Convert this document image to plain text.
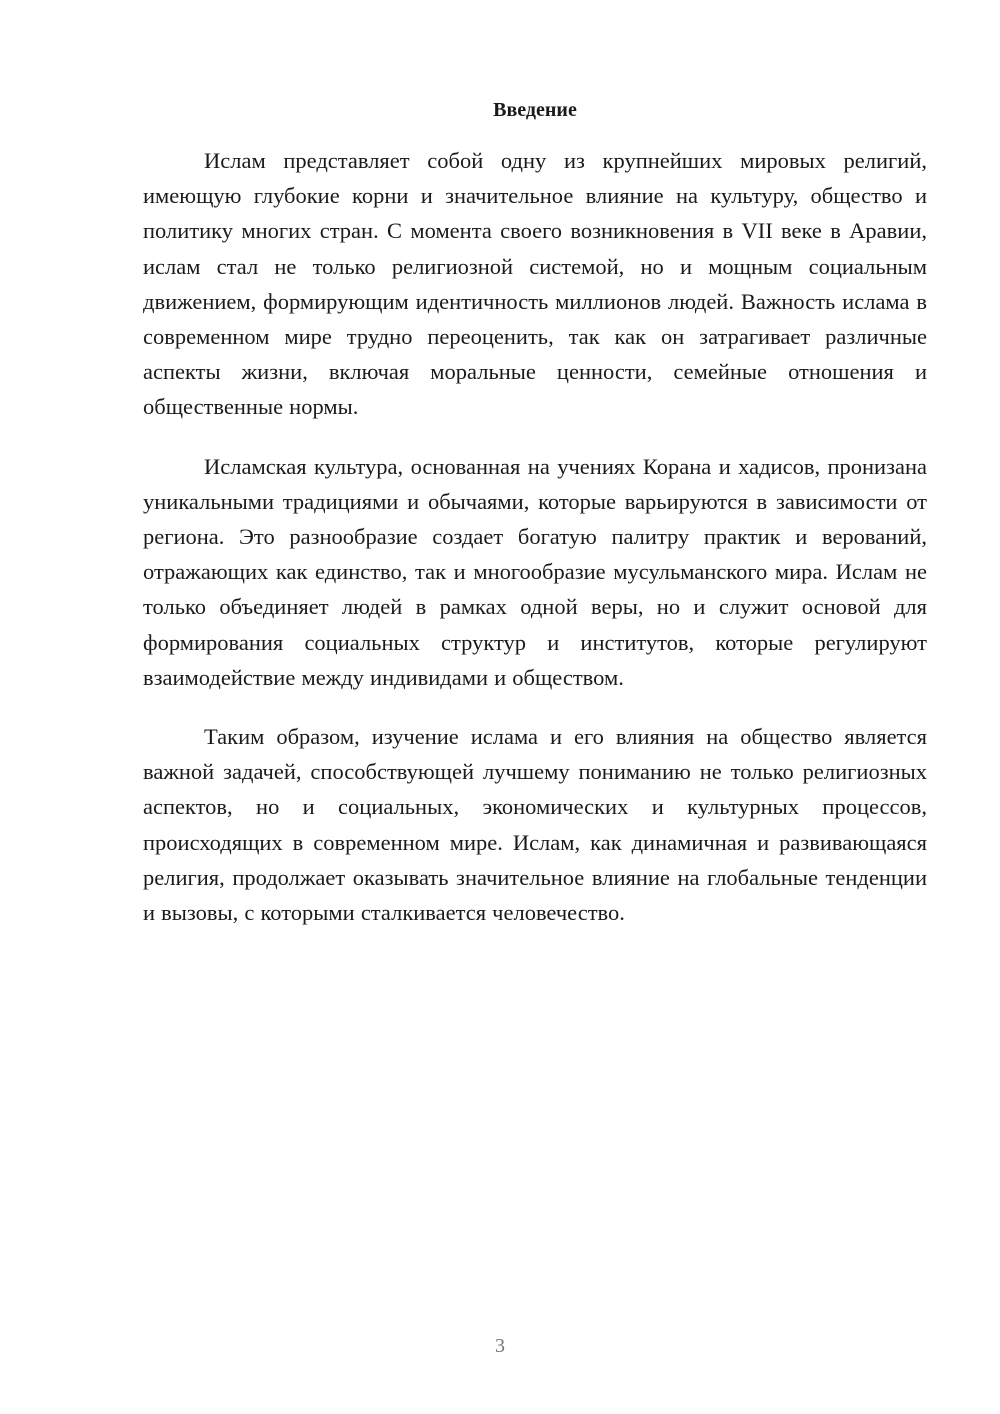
Введение

Ислам представляет собой одну из крупнейших мировых религий, имеющую глубокие корни и значительное влияние на культуру, общество и политику многих стран. С момента своего возникновения в VII веке в Аравии, ислам стал не только религиозной системой, но и мощным социальным движением, формирующим идентичность миллионов людей. Важность ислама в современном мире трудно переоценить, так как он затрагивает различные аспекты жизни, включая моральные ценности, семейные отношения и общественные нормы.

Исламская культура, основанная на учениях Корана и хадисов, пронизана уникальными традициями и обычаями, которые варьируются в зависимости от региона. Это разнообразие создает богатую палитру практик и верований, отражающих как единство, так и многообразие мусульманского мира. Ислам не только объединяет людей в рамках одной веры, но и служит основой для формирования социальных структур и институтов, которые регулируют взаимодействие между индивидами и обществом.

Таким образом, изучение ислама и его влияния на общество является важной задачей, способствующей лучшему пониманию не только религиозных аспектов, но и социальных, экономических и культурных процессов, происходящих в современном мире. Ислам, как динамичная и развивающаяся религия, продолжает оказывать значительное влияние на глобальные тенденции и вызовы, с которыми сталкивается человечество.

3
